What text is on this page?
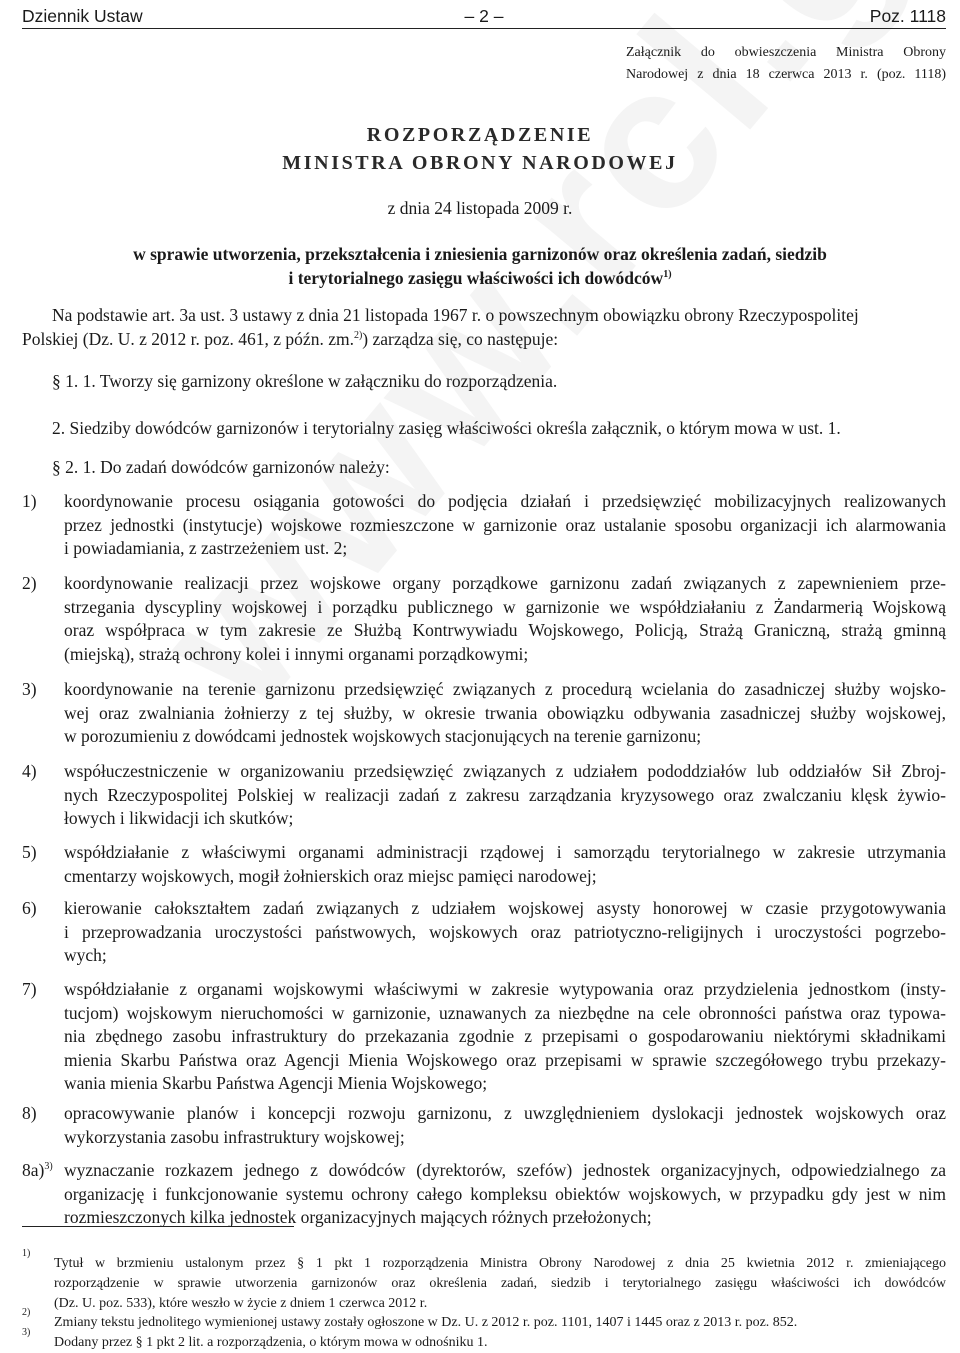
Dziennik Ustaw	– 2 –	Poz. 1118
Załącznik do obwieszczenia Ministra Obrony
Narodowej z dnia 18 czerwca 2013 r. (poz. 1118)
ROZPORZĄDZENIE
MINISTRA OBRONY NARODOWEJ
z dnia 24 listopada 2009 r.
w sprawie utworzenia, przekształcenia i zniesienia garnizonów oraz określenia zadań, siedzib
i terytorialnego zasięgu właściwości ich dowódców$^{1)}$
Na podstawie art. 3a ust. 3 ustawy z dnia 21 listopada 1967 r. o powszechnym obowiązku obrony Rzeczypospolitej
Polskiej (Dz. U. z 2012 r. poz. 461, z późn. zm.$^{2)}$) zarządza się, co następuje:
§ 1. 1. Tworzy się garnizony określone w załączniku do rozporządzenia.
2. Siedziby dowódców garnizonów i terytorialny zasięg właściwości określa załącznik, o którym mowa w ust. 1.
§ 2. 1. Do zadań dowódców garnizonów należy:
1) koordynowanie procesu osiągania gotowości do podjęcia działań i przedsięwzięć mobilizacyjnych realizowanych
przez jednostki (instytucje) wojskowe rozmieszczone w garnizonie oraz ustalanie sposobu organizacji ich alarmowania
i powiadamiania, z zastrzeżeniem ust. 2;
2) koordynowanie realizacji przez wojskowe organy porządkowe garnizonu zadań związanych z zapewnieniem prze-
strzegania dyscypliny wojskowej i porządku publicznego w garnizonie we współdziałaniu z Żandarmerią Wojskową
oraz współpraca w tym zakresie ze Służbą Kontrwywiadu Wojskowego, Policją, Strażą Graniczną, strażą gminną
(miejską), strażą ochrony kolei i innymi organami porządkowymi;
3) koordynowanie na terenie garnizonu przedsięwzięć związanych z procedurą wcielania do zasadniczej służby wojsko-
wej oraz zwalniania żołnierzy z tej służby, w okresie trwania obowiązku odbywania zasadniczej służby wojskowej,
w porozumieniu z dowódcami jednostek wojskowych stacjonujących na terenie garnizonu;
4) współuczestniczenie w organizowaniu przedsięwzięć związanych z udziałem pododdziałów lub oddziałów Sił Zbroj-
nych Rzeczypospolitej Polskiej w realizacji zadań z zakresu zarządzania kryzysowego oraz zwalczaniu klęsk żywio-
łowych i likwidacji ich skutków;
5) współdziałanie z właściwymi organami administracji rządowej i samorządu terytorialnego w zakresie utrzymania
cmentarzy wojskowych, mogił żołnierskich oraz miejsc pamięci narodowej;
6) kierowanie całokształtem zadań związanych z udziałem wojskowej asysty honorowej w czasie przygotowywania
i przeprowadzania uroczystości państwowych, wojskowych oraz patriotyczno-religijnych i uroczystości pogrzebo-
wych;
7) współdziałanie z organami wojskowymi właściwymi w zakresie wytypowania oraz przydzielenia jednostkom (insty-
tucjom) wojskowym nieruchomości w garnizonie, uznawanych za niezbędne na cele obronności państwa oraz typowa-
nia zbędnego zasobu infrastruktury do przekazania zgodnie z przepisami o gospodarowaniu niektórymi składnikami
mienia Skarbu Państwa oraz Agencji Mienia Wojskowego oraz przepisami w sprawie szczegółowego trybu przekazy-
wania mienia Skarbu Państwa Agencji Mienia Wojskowego;
8) opracowywanie planów i koncepcji rozwoju garnizonu, z uwzględnieniem dyslokacji jednostek wojskowych oraz
wykorzystania zasobu infrastruktury wojskowej;
8a)$^{3)}$ wyznaczanie rozkazem jednego z dowódców (dyrektorów, szefów) jednostek organizacyjnych, odpowiedzialnego za
organizację i funkcjonowanie systemu ochrony całego kompleksu obiektów wojskowych, w przypadku gdy jest w nim
rozmieszczonych kilka jednostek organizacyjnych mających różnych przełożonych;
1)
Tytuł w brzmieniu ustalonym przez § 1 pkt 1 rozporządzenia Ministra Obrony Narodowej z dnia 25 kwietnia 2012 r. zmieniającego
rozporządzenie w sprawie utworzenia garnizonów oraz określenia zadań, siedzib i terytorialnego zasięgu właściwości ich dowódców
(Dz. U. poz. 533), które weszło w życie z dniem 1 czerwca 2012 r.
2)
Zmiany tekstu jednolitego wymienionej ustawy zostały ogłoszone w Dz. U. z 2012 r. poz. 1101, 1407 i 1445 oraz z 2013 r. poz. 852.
3)
Dodany przez § 1 pkt 2 lit. a rozporządzenia, o którym mowa w odnośniku 1.
